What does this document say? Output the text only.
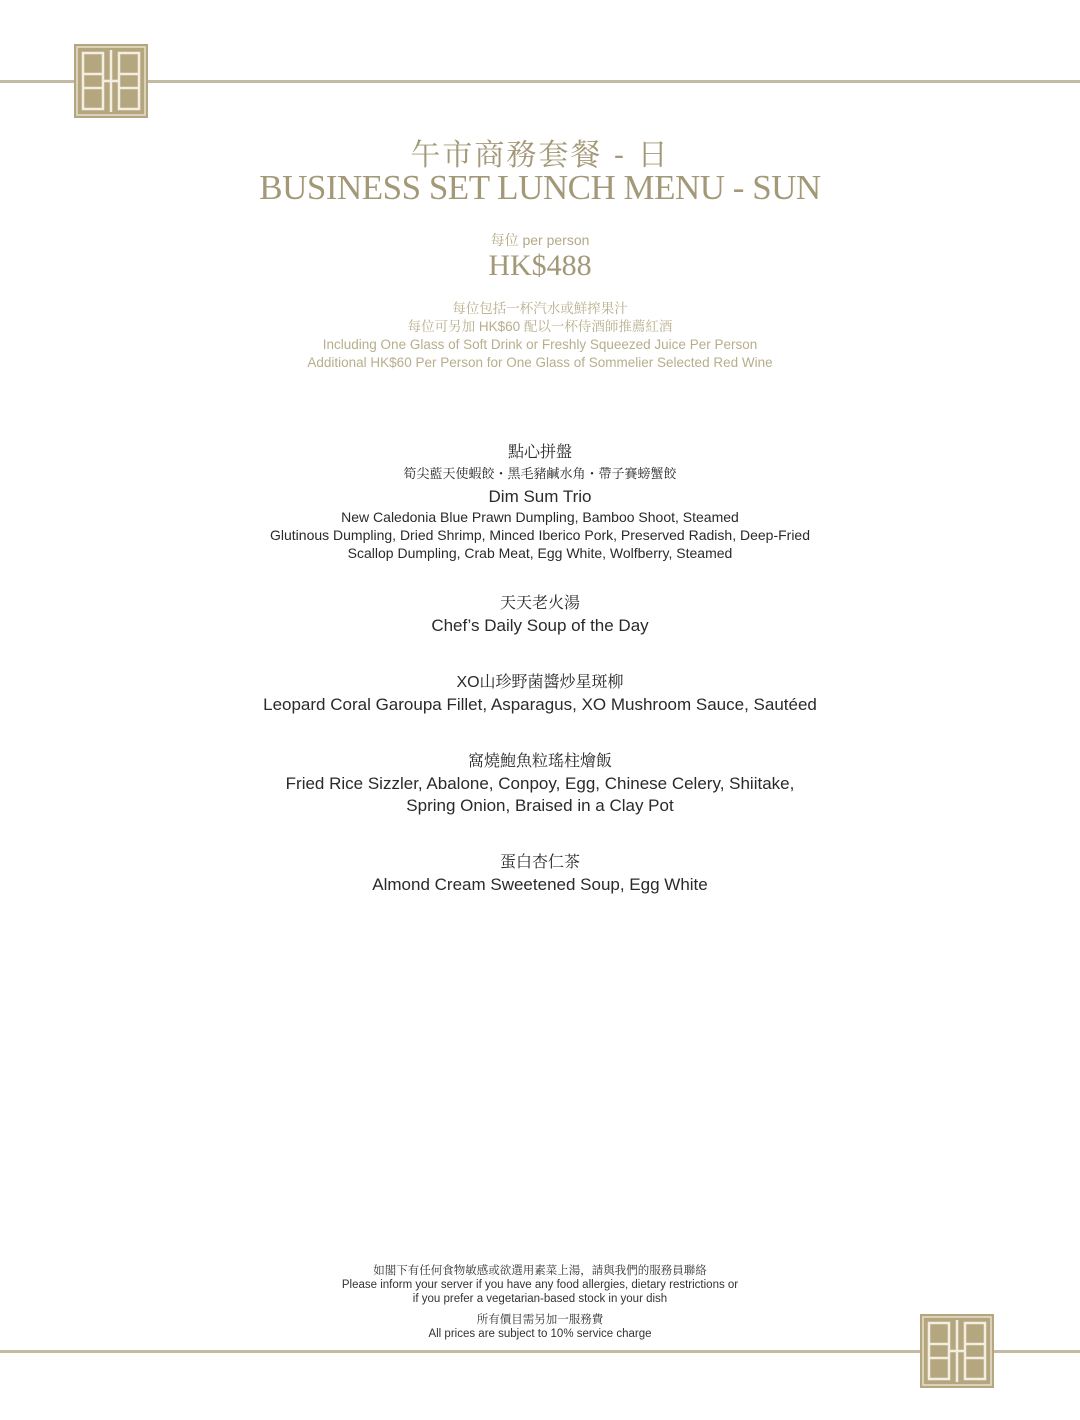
午市商務套餐 - 日
BUSINESS SET LUNCH MENU - SUN
每位 per person
HK$488
每位包括一杯汽水或鮮搾果汁
每位可另加 HK$60 配以一杯侍酒師推薦紅酒
Including One Glass of Soft Drink or Freshly Squeezed Juice Per Person
Additional HK$60 Per Person for One Glass of Sommelier Selected Red Wine
點心拼盤
筍尖藍天使蝦餃・黑毛豬鹹水角・帶子賽螃蟹餃
Dim Sum Trio
New Caledonia Blue Prawn Dumpling, Bamboo Shoot, Steamed
Glutinous Dumpling, Dried Shrimp, Minced Iberico Pork, Preserved Radish, Deep-Fried
Scallop Dumpling, Crab Meat, Egg White, Wolfberry, Steamed
天天老火湯
Chef’s Daily Soup of the Day
XO山珍野菌醬炒星斑柳
Leopard Coral Garoupa Fillet, Asparagus, XO Mushroom Sauce, Sautéed
窩燒鮑魚粒瑤柱燴飯
Fried Rice Sizzler, Abalone, Conpoy, Egg, Chinese Celery, Shiitake,
Spring Onion, Braised in a Clay Pot
蛋白杏仁茶
Almond Cream Sweetened Soup, Egg White
如閣下有任何食物敏感或欲選用素菜上湯，請與我們的服務員聯絡
Please inform your server if you have any food allergies, dietary restrictions or
if you prefer a vegetarian-based stock in your dish
所有價目需另加一服務費
All prices are subject to 10% service charge
